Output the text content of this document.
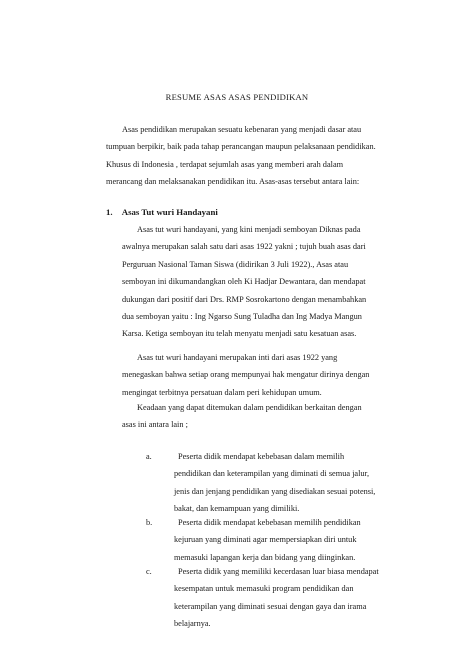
RESUME ASAS ASAS PENDIDIKAN
Asas pendidikan merupakan sesuatu kebenaran yang menjadi dasar atau
tumpuan berpikir, baik pada tahap perancangan maupun pelaksanaan pendidikan.
Khusus di Indonesia , terdapat sejumlah asas yang memberi arah dalam
merancang dan melaksanakan pendidikan itu. Asas-asas tersebut antara lain:
1. Asas Tut wuri Handayani
Asas tut wuri handayani, yang kini menjadi semboyan Diknas pada
awalnya merupakan salah satu dari asas 1922 yakni ; tujuh buah asas dari
Perguruan Nasional Taman Siswa (didirikan 3 Juli 1922)., Asas atau
semboyan ini dikumandangkan oleh Ki Hadjar Dewantara, dan mendapat
dukungan dari positif dari Drs. RMP Sosrokartono dengan menambahkan
dua semboyan yaitu : Ing Ngarso Sung Tuladha dan Ing Madya Mangun
Karsa. Ketiga semboyan itu telah menyatu menjadi satu kesatuan asas.
Asas tut wuri handayani merupakan inti dari asas 1922 yang
menegaskan bahwa setiap orang mempunyai hak mengatur dirinya dengan
mengingat terbitnya persatuan dalam peri kehidupan umum.
Keadaan yang dapat ditemukan dalam pendidikan berkaitan dengan
asas ini antara lain ;
a.	Peserta didik mendapat kebebasan dalam memilih
pendidikan dan keterampilan yang diminati di semua jalur,
jenis dan jenjang pendidikan yang disediakan sesuai potensi,
bakat, dan kemampuan yang dimiliki.
b.	Peserta didik mendapat kebebasan memilih pendidikan
kejuruan yang diminati agar mempersiapkan diri untuk
memasuki lapangan kerja dan bidang yang diinginkan.
c.	Peserta didik yang memiliki kecerdasan luar biasa mendapat
kesempatan untuk memasuki program pendidikan dan
keterampilan yang diminati sesuai dengan gaya dan irama
belajarnya.
